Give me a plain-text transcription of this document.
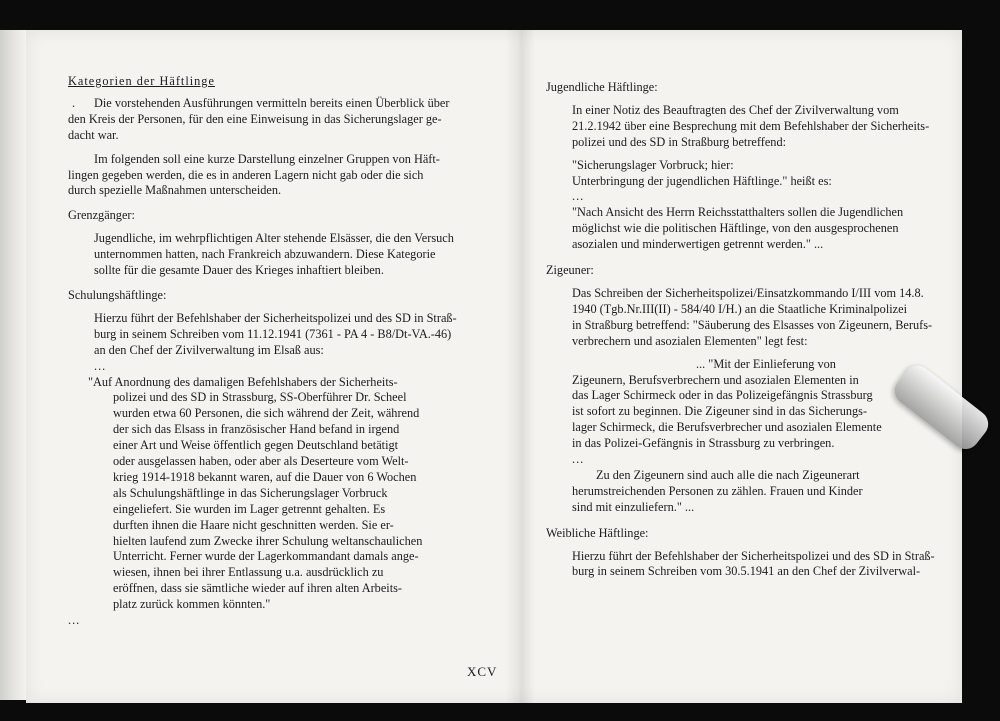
Kategorien der Häftlinge

. Die vorstehenden Ausführungen vermitteln bereits einen Überblick über

den Kreis der Personen, für den eine Einweisung in das Sicherungslager ge-

dacht war.

Im folgenden soll eine kurze Darstellung einzelner Gruppen von Häft-

lingen gegeben werden, die es in anderen Lagern nicht gab oder die sich

durch spezielle Maßnahmen unterscheiden.

Grenzgänger:

Jugendliche, im wehrpflichtigen Alter stehende Elsässer, die den Versuch

unternommen hatten, nach Frankreich abzuwandern. Diese Kategorie

sollte für die gesamte Dauer des Krieges inhaftiert bleiben.

Schulungshäftlinge:

Hierzu führt der Befehlshaber der Sicherheitspolizei und des SD in Straß-

burg in seinem Schreiben vom 11.12.1941 (7361 - PA 4 - B8/Dt-VA.-46)

an den Chef der Zivilverwaltung im Elsaß aus:

...

"Auf Anordnung des damaligen Befehlshabers der Sicherheits-

polizei und des SD in Strassburg, SS-Oberführer Dr. Scheel

wurden etwa 60 Personen, die sich während der Zeit, während

der sich das Elsass in französischer Hand befand in irgend

einer Art und Weise öffentlich gegen Deutschland betätigt

oder ausgelassen haben, oder aber als Deserteure vom Welt-

krieg 1914-1918 bekannt waren, auf die Dauer von 6 Wochen

als Schulungshäftlinge in das Sicherungslager Vorbruck

eingeliefert. Sie wurden im Lager getrennt gehalten. Es

durften ihnen die Haare nicht geschnitten werden. Sie er-

hielten laufend zum Zwecke ihrer Schulung weltanschaulichen

Unterricht. Ferner wurde der Lagerkommandant damals ange-

wiesen, ihnen bei ihrer Entlassung u.a. ausdrücklich zu

eröffnen, dass sie sämtliche wieder auf ihren alten Arbeits-

platz zurück kommen könnten."

...

Jugendliche Häftlinge:

In einer Notiz des Beauftragten des Chef der Zivilverwaltung vom

21.2.1942 über eine Besprechung mit dem Befehlshaber der Sicherheits-

polizei und des SD in Straßburg betreffend:

"Sicherungslager Vorbruck; hier:

Unterbringung der jugendlichen Häftlinge." heißt es:

...

"Nach Ansicht des Herrn Reichsstatthalters sollen die Jugendlichen

möglichst wie die politischen Häftlinge, von den ausgesprochenen

asozialen und minderwertigen getrennt werden." ...

Zigeuner:

Das Schreiben der Sicherheitspolizei/Einsatzkommando I/III vom 14.8.

1940 (Tgb.Nr.III(II) - 584/40 I/H.) an die Staatliche Kriminalpolizei

in Straßburg betreffend: "Säuberung des Elsasses von Zigeunern, Berufs-

verbrechern und asozialen Elementen" legt fest:

... "Mit der Einlieferung von

Zigeunern, Berufsverbrechern und asozialen Elementen in

das Lager Schirmeck oder in das Polizeigefängnis Strassburg

ist sofort zu beginnen. Die Zigeuner sind in das Sicherungs-

lager Schirmeck, die Berufsverbrecher und asozialen Elemente

in das Polizei-Gefängnis in Strassburg zu verbringen.

...

Zu den Zigeunern sind auch alle die nach Zigeunerart

herumstreichenden Personen zu zählen. Frauen und Kinder

sind mit einzuliefern." ...

Weibliche Häftlinge:

Hierzu führt der Befehlshaber der Sicherheitspolizei und des SD in Straß-

burg in seinem Schreiben vom 30.5.1941 an den Chef der Zivilverwal-

XCV
